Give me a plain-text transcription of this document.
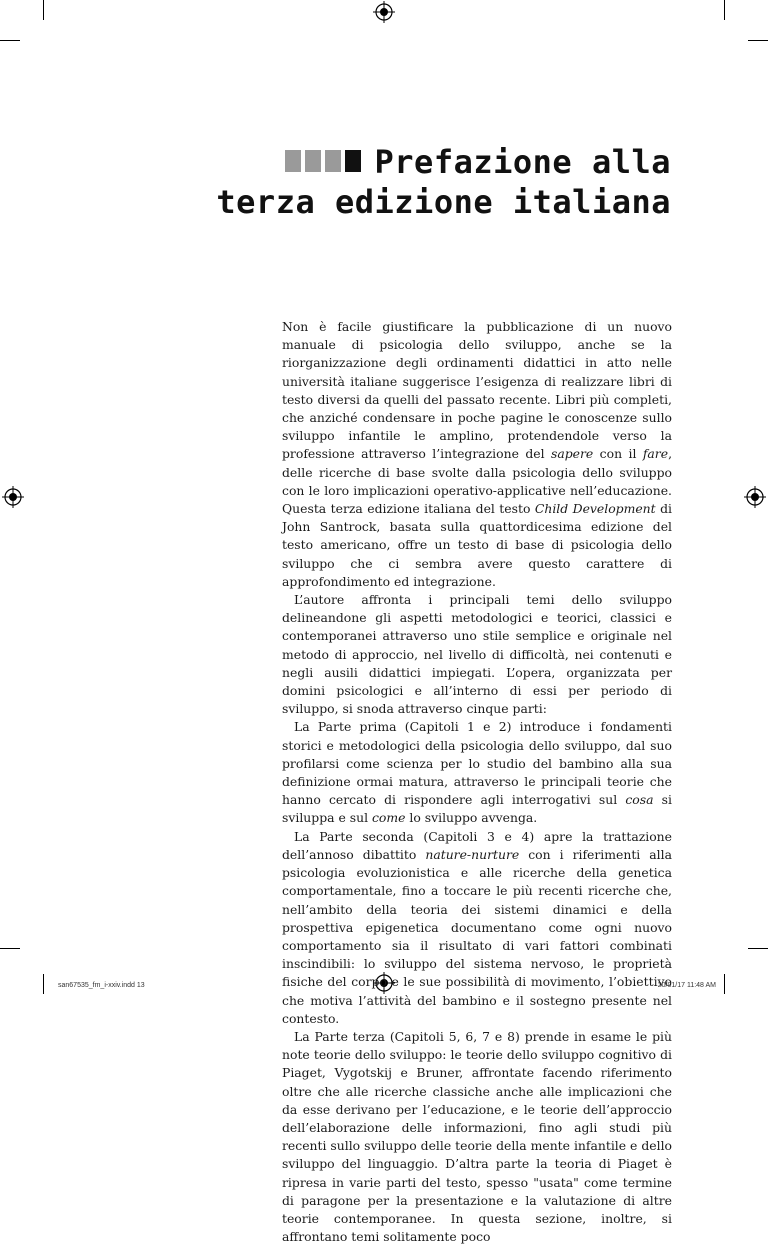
Prefazione alla
terza edizione italiana

Non è facile giustificare la pubblicazione di un nuovo manuale di psicologia dello sviluppo, anche se la riorganizzazione degli ordinamenti didattici in atto nelle università italiane suggerisce l’esigenza di realizzare libri di testo diversi da quelli del passato recente. Libri più completi, che anziché condensare in poche pagine le conoscenze sullo sviluppo infantile le amplino, protendendole verso la professione attraverso l’integrazione del sapere con il fare, delle ricerche di base svolte dalla psicologia dello sviluppo con le loro implicazioni operativo-applicative nell’educazione. Questa terza edizione italiana del testo Child Development di John Santrock, basata sulla quattordicesima edizione del testo americano, offre un testo di base di psicologia dello sviluppo che ci sembra avere questo carattere di approfondimento ed integrazione.

L’autore affronta i principali temi dello sviluppo delineandone gli aspetti metodologici e teorici, classici e contemporanei attraverso uno stile semplice e originale nel metodo di approccio, nel livello di difficoltà, nei contenuti e negli ausili didattici impiegati. L’opera, organizzata per domini psicologici e all’interno di essi per periodo di sviluppo, si snoda attraverso cinque parti:

La Parte prima (Capitoli 1 e 2) introduce i fondamenti storici e metodologici della psicologia dello sviluppo, dal suo profilarsi come scienza per lo studio del bambino alla sua definizione ormai matura, attraverso le principali teorie che hanno cercato di rispondere agli interrogativi sul cosa si sviluppa e sul come lo sviluppo avvenga.

La Parte seconda (Capitoli 3 e 4) apre la trattazione dell’annoso dibattito nature-nurture con i riferimenti alla psicologia evoluzionistica e alle ricerche della genetica comportamentale, fino a toccare le più recenti ricerche che, nell’ambito della teoria dei sistemi dinamici e della prospettiva epigenetica documentano come ogni nuovo comportamento sia il risultato di vari fattori combinati inscindibili: lo sviluppo del sistema nervoso, le proprietà fisiche del corpo e le sue possibilità di movimento, l’obiettivo che motiva l’attività del bambino e il sostegno presente nel contesto.

La Parte terza (Capitoli 5, 6, 7 e 8) prende in esame le più note teorie dello sviluppo: le teorie dello sviluppo cognitivo di Piaget, Vygotskij e Bruner, affrontate facendo riferimento oltre che alle ricerche classiche anche alle implicazioni che da esse derivano per l’educazione, e le teorie dell’approccio dell’elaborazione delle informazioni, fino agli studi più recenti sullo sviluppo delle teorie della mente infantile e dello sviluppo del linguaggio. D’altra parte la teoria di Piaget è ripresa in varie parti del testo, spesso "usata" come termine di paragone per la presentazione e la valutazione di altre teorie contemporanee. In questa sezione, inoltre, si affrontano temi solitamente poco

san67535_fm_i-xxiv.indd 13	20/01/17 11:48 AM
